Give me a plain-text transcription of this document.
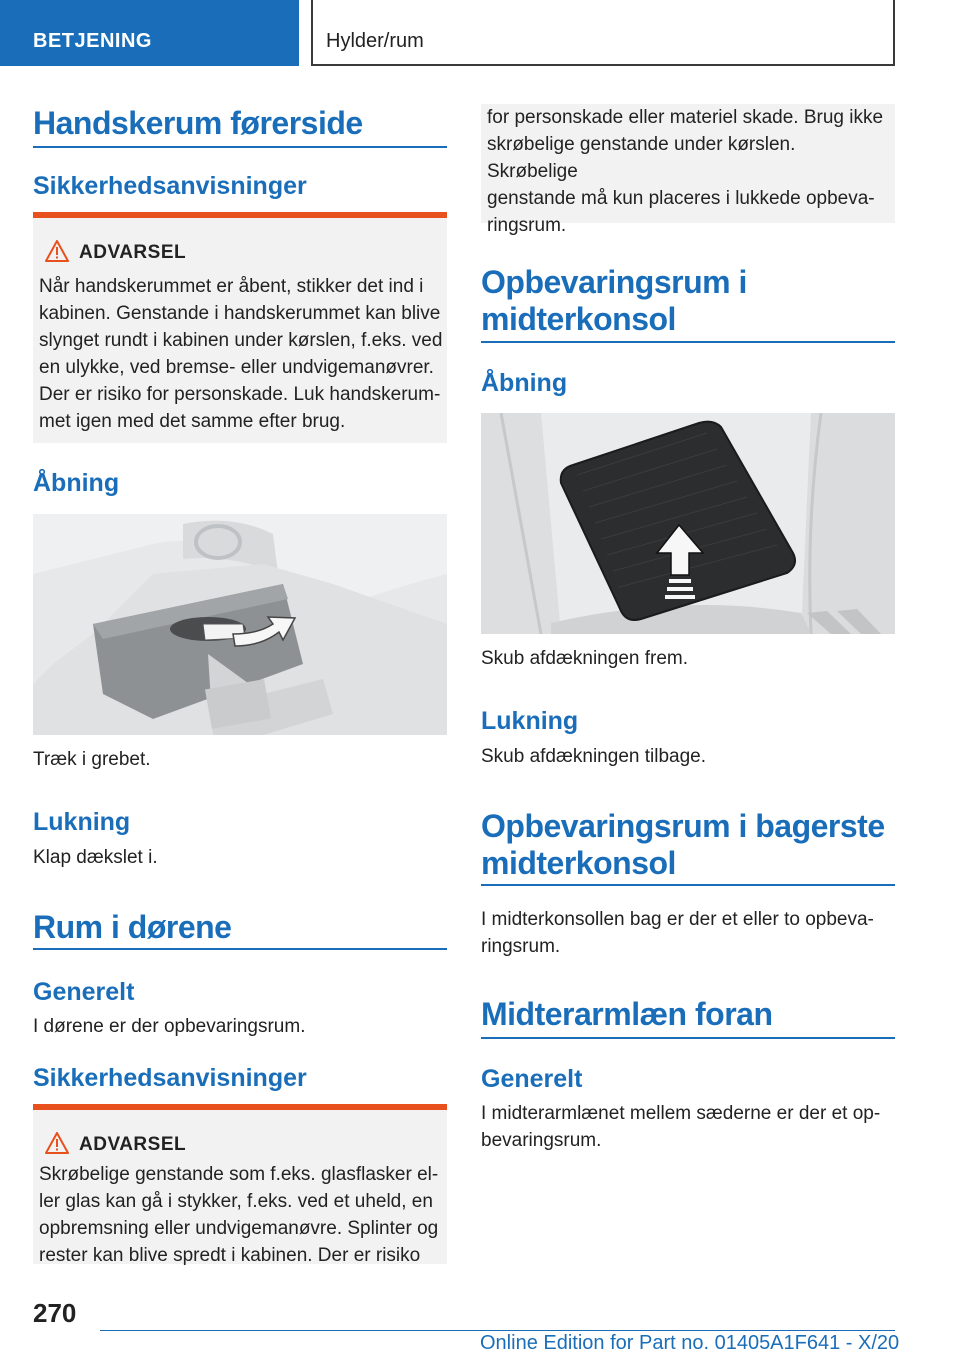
BETJENING	Hylder/rum
Handskerum førerside
Sikkerhedsanvisninger
ADVARSEL
Når handskerummet er åbent, stikker det ind i
kabinen. Genstande i handskerummet kan blive
slynget rundt i kabinen under kørslen, f.eks. ved
en ulykke, ved bremse- eller undvigemanøvrer.
Der er risiko for personskade. Luk handskerum-
met igen med det samme efter brug.
Åbning
Træk i grebet.
Lukning
Klap dækslet i.
Rum i dørene
Generelt
I dørene er der opbevaringsrum.
Sikkerhedsanvisninger
ADVARSEL
Skrøbelige genstande som f.eks. glasflasker el-
ler glas kan gå i stykker, f.eks. ved et uheld, en
opbremsning eller undvigemanøvre. Splinter og
rester kan blive spredt i kabinen. Der er risiko
for personskade eller materiel skade. Brug ikke
skrøbelige genstande under kørslen. Skrøbelige
genstande må kun placeres i lukkede opbeva-
ringsrum.
Opbevaringsrum i
midterkonsol
Åbning
Skub afdækningen frem.
Lukning
Skub afdækningen tilbage.
Opbevaringsrum i bagerste
midterkonsol
I midterkonsollen bag er der et eller to opbeva-
ringsrum.
Midterarmlæn foran
Generelt
I midterarmlænet mellem sæderne er der et op-
bevaringsrum.
270
Online Edition for Part no. 01405A1F641 - X/20
